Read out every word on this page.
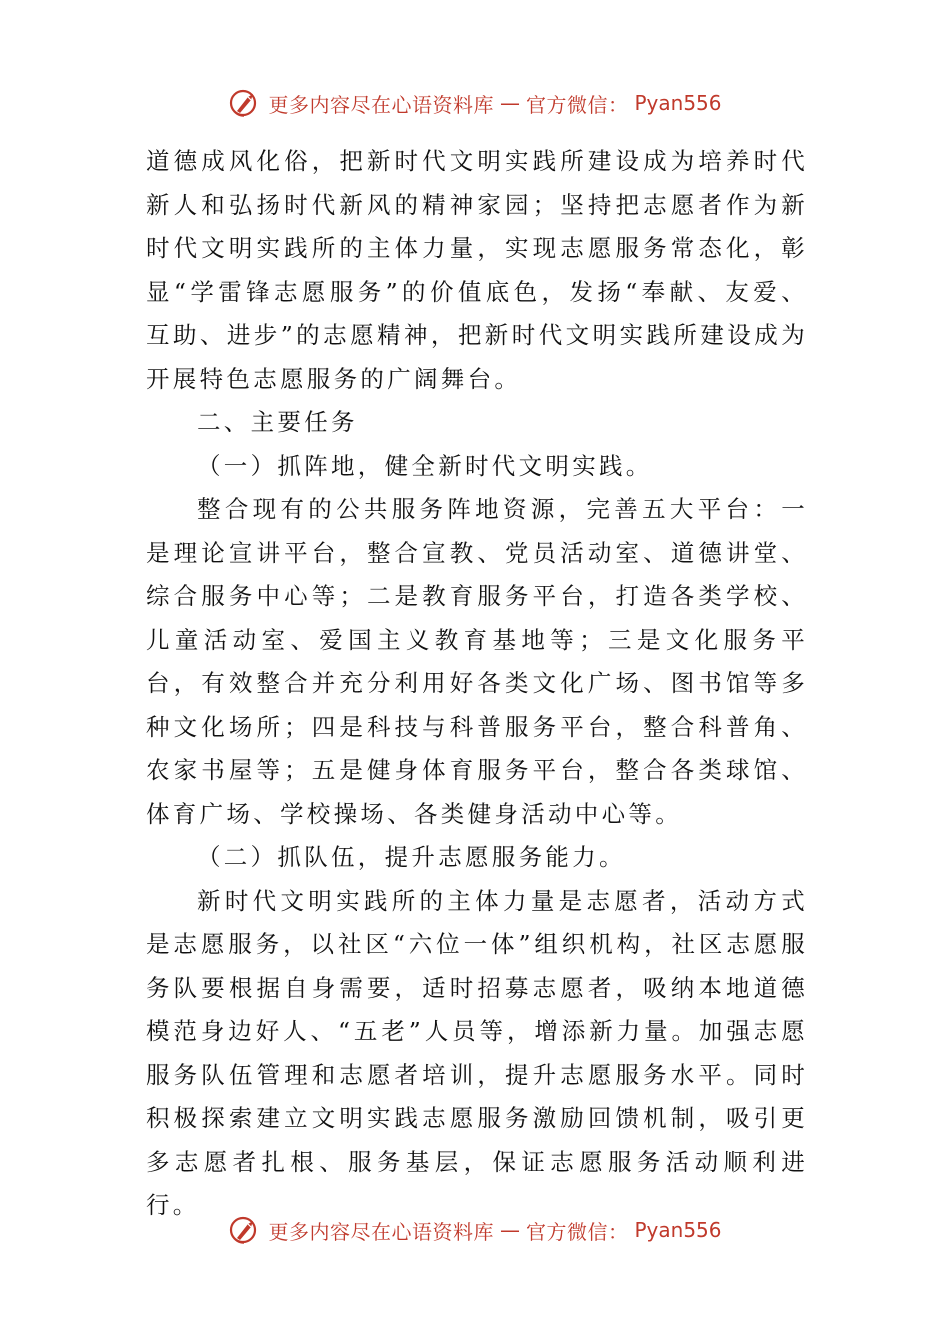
更多内容尽在心语资料库 — 官方微信： Pyan556

道德成风化俗，把新时代文明实践所建设成为培养时代新人和弘扬时代新风的精神家园；坚持把志愿者作为新时代文明实践所的主体力量，实现志愿服务常态化，彰显“学雷锋志愿服务”的价值底色，发扬“奉献、友爱、互助、进步”的志愿精神，把新时代文明实践所建设成为开展特色志愿服务的广阔舞台。

二、主要任务

（一）抓阵地，健全新时代文明实践。

整合现有的公共服务阵地资源，完善五大平台：一是理论宣讲平台，整合宣教、党员活动室、道德讲堂、综合服务中心等；二是教育服务平台，打造各类学校、儿童活动室、爱国主义教育基地等；三是文化服务平台，有效整合并充分利用好各类文化广场、图书馆等多种文化场所；四是科技与科普服务平台，整合科普角、农家书屋等；五是健身体育服务平台，整合各类球馆、体育广场、学校操场、各类健身活动中心等。

（二）抓队伍，提升志愿服务能力。

新时代文明实践所的主体力量是志愿者，活动方式是志愿服务，以社区“六位一体”组织机构，社区志愿服务队要根据自身需要，适时招募志愿者，吸纳本地道德模范身边好人、“五老”人员等，增添新力量。加强志愿服务队伍管理和志愿者培训，提升志愿服务水平。同时积极探索建立文明实践志愿服务激励回馈机制，吸引更多志愿者扎根、服务基层，保证志愿服务活动顺利进行。

更多内容尽在心语资料库 — 官方微信： Pyan556
